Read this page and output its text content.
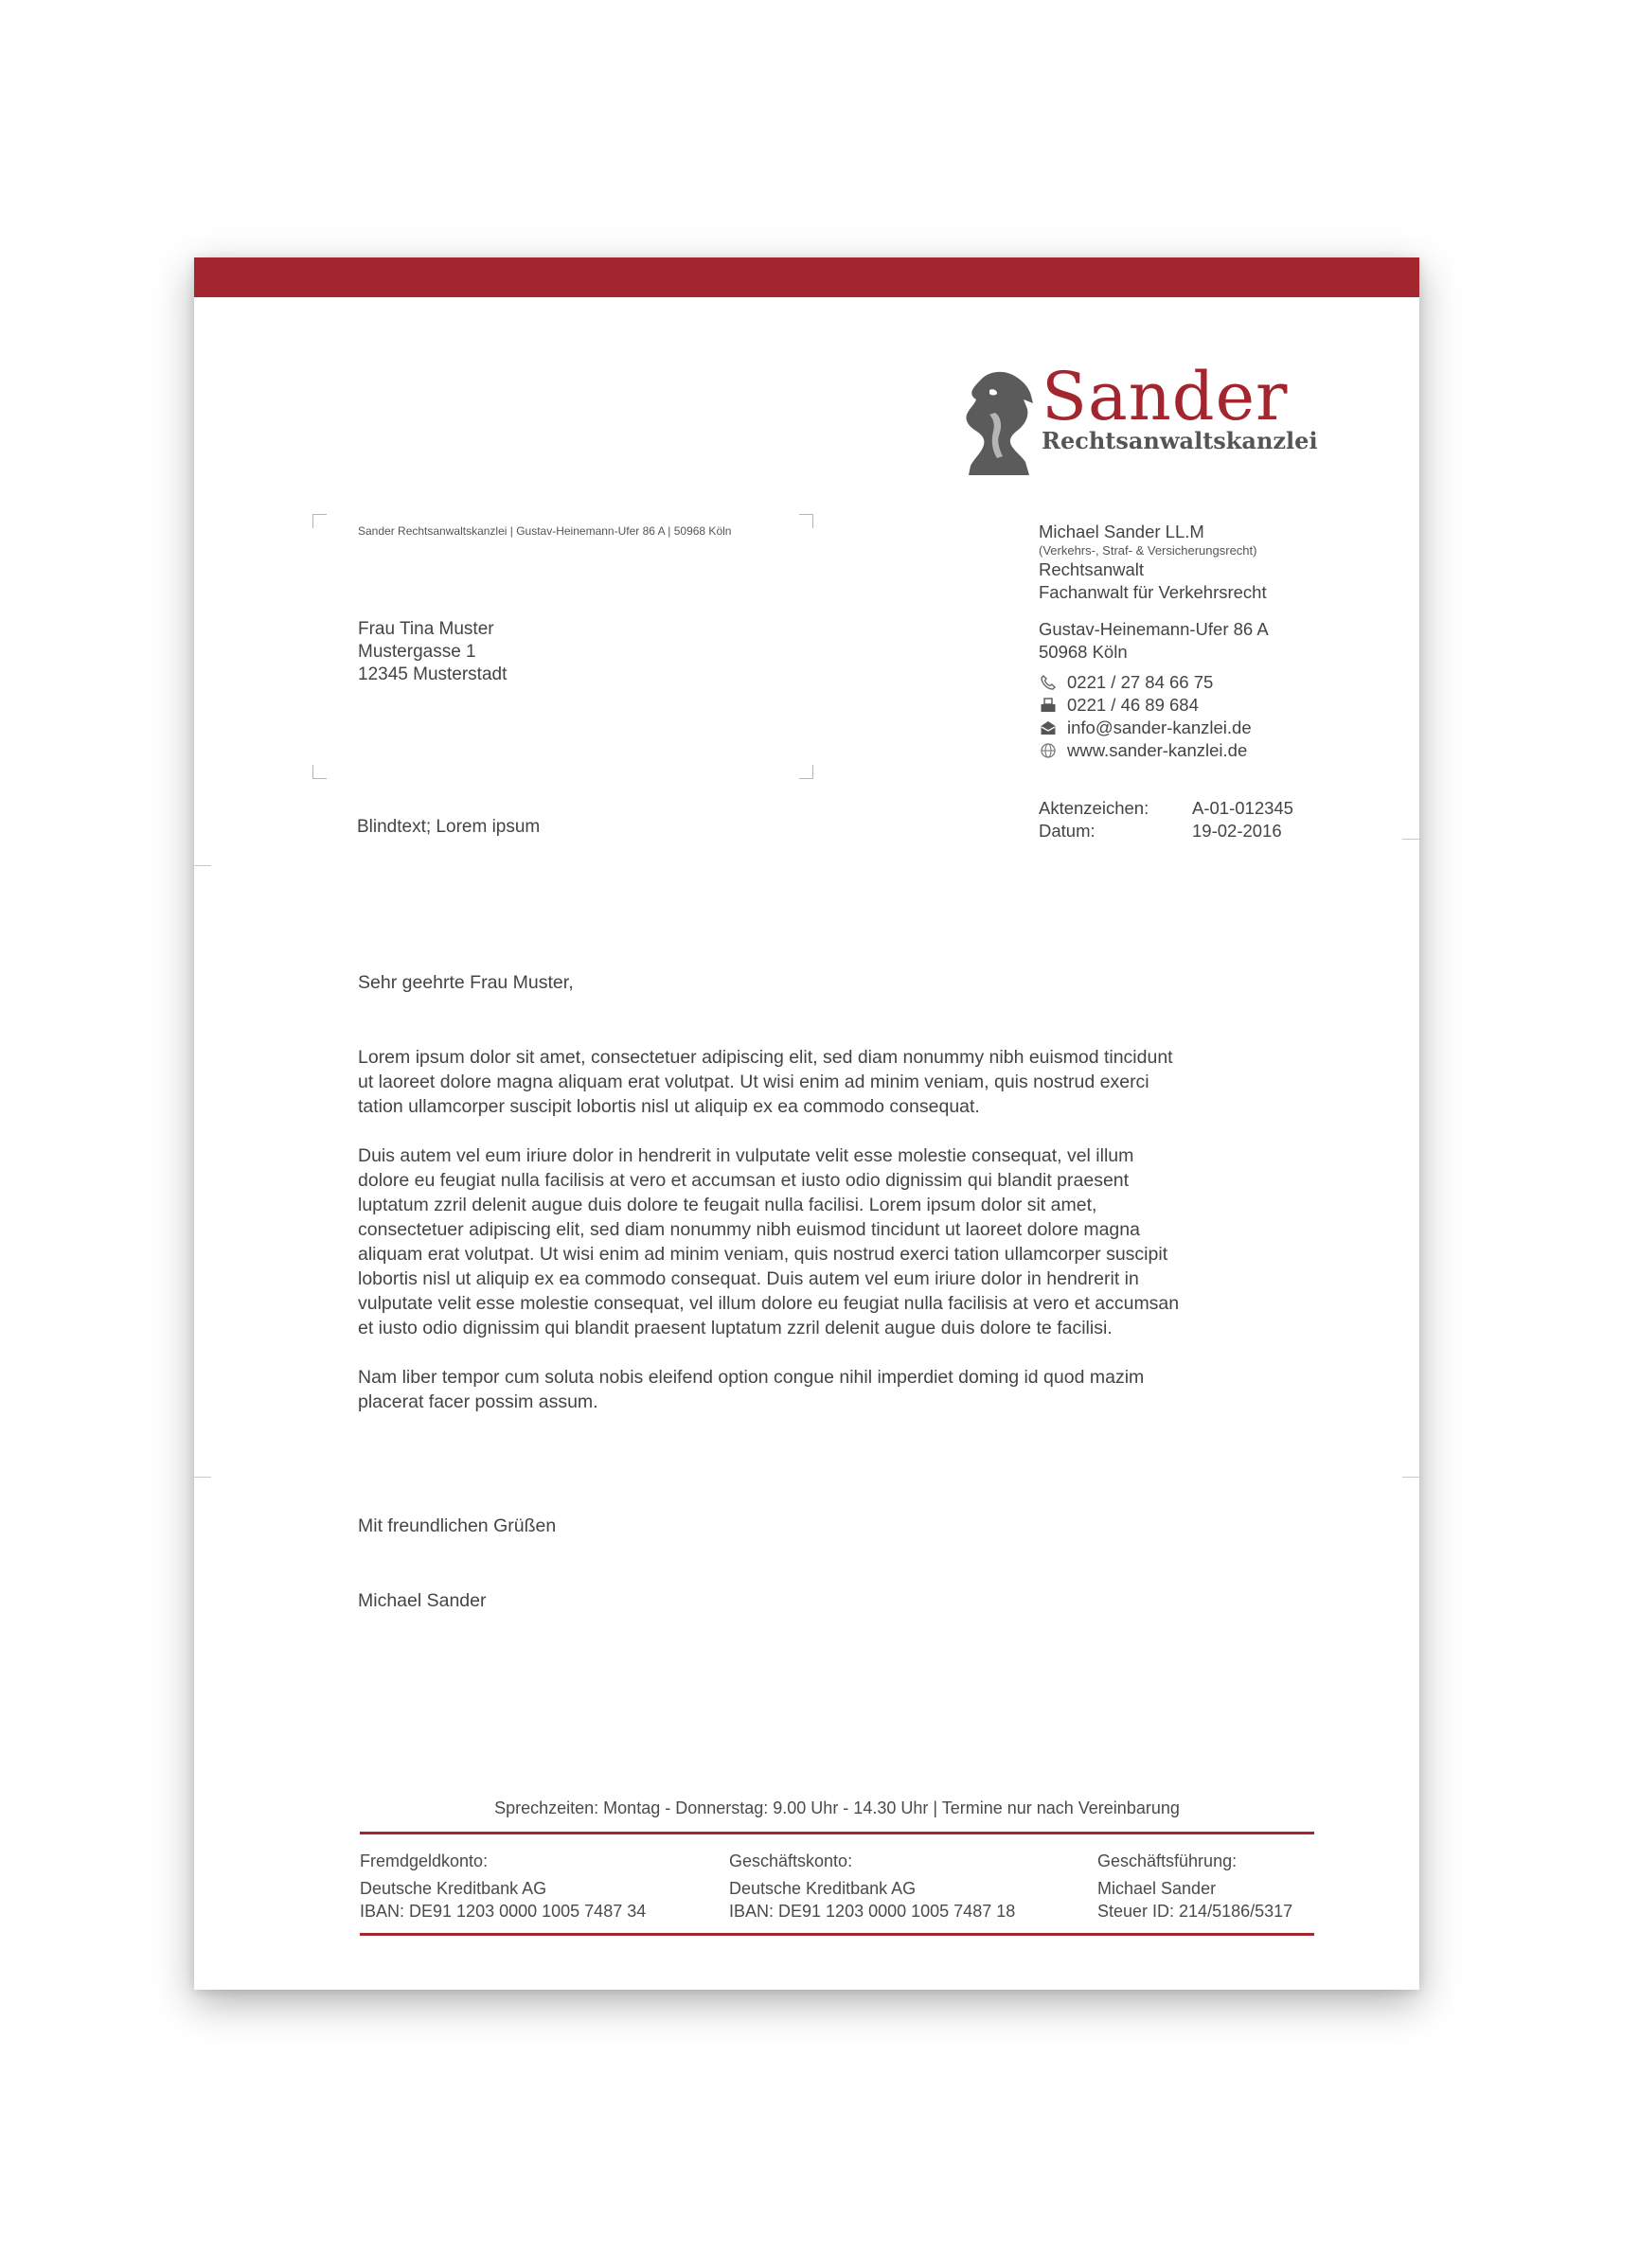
Sander
Rechtsanwaltskanzlei
Sander Rechtsanwaltskanzlei | Gustav-Heinemann-Ufer 86 A | 50968 Köln
Frau Tina Muster
Mustergasse 1
12345 Musterstadt
Michael Sander LL.M
(Verkehrs-, Straf- & Versicherungsrecht)
Rechtsanwalt
Fachanwalt für Verkehrsrecht
Gustav-Heinemann-Ufer 86 A
50968 Köln
0221 / 27 84 66 75
0221 / 46 89 684
info@sander-kanzlei.de
www.sander-kanzlei.de
Aktenzeichen:	A-01-012345
Datum:	19-02-2016
Blindtext; Lorem ipsum
Sehr geehrte Frau Muster,
Lorem ipsum dolor sit amet, consectetuer adipiscing elit, sed diam nonummy nibh euismod tincidunt
ut laoreet dolore magna aliquam erat volutpat. Ut wisi enim ad minim veniam, quis nostrud exerci
tation ullamcorper suscipit lobortis nisl ut aliquip ex ea commodo consequat.
Duis autem vel eum iriure dolor in hendrerit in vulputate velit esse molestie consequat, vel illum
dolore eu feugiat nulla facilisis at vero et accumsan et iusto odio dignissim qui blandit praesent
luptatum zzril delenit augue duis dolore te feugait nulla facilisi. Lorem ipsum dolor sit amet,
consectetuer adipiscing elit, sed diam nonummy nibh euismod tincidunt ut laoreet dolore magna
aliquam erat volutpat. Ut wisi enim ad minim veniam, quis nostrud exerci tation ullamcorper suscipit
lobortis nisl ut aliquip ex ea commodo consequat. Duis autem vel eum iriure dolor in hendrerit in
vulputate velit esse molestie consequat, vel illum dolore eu feugiat nulla facilisis at vero et accumsan
et iusto odio dignissim qui blandit praesent luptatum zzril delenit augue duis dolore te facilisi.
Nam liber tempor cum soluta nobis eleifend option congue nihil imperdiet doming id quod mazim
placerat facer possim assum.
Mit freundlichen Grüßen
Michael Sander
Sprechzeiten: Montag - Donnerstag: 9.00 Uhr - 14.30 Uhr | Termine nur nach Vereinbarung
Fremdgeldkonto:
Deutsche Kreditbank AG
IBAN: DE91 1203 0000 1005 7487 34
Geschäftskonto:
Deutsche Kreditbank AG
IBAN: DE91 1203 0000 1005 7487 18
Geschäftsführung:
Michael Sander
Steuer ID: 214/5186/5317
